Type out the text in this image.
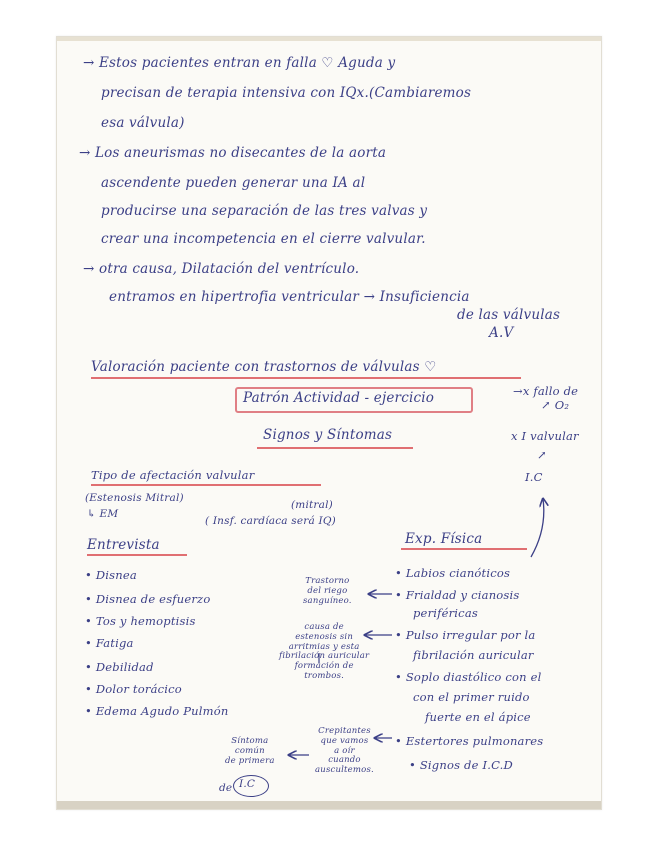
→ Estos pacientes entran en falla ♡ Aguda y
precisan de terapia intensiva con IQx.(Cambiaremos
esa válvula)
→ Los aneurismas no disecantes de la aorta
ascendente pueden generar una IA al
producirse una separación de las tres valvas y
crear una incompetencia en el cierre valvular.
→ otra causa, Dilatación del ventrículo.
entramos en hipertrofia ventricular → Insuficiencia
de las válvulas
A.V
Valoración paciente con trastornos de válvulas ♡
Patrón Actividad - ejercicio
Signos y Síntomas
→x fallo de
↗ O₂
x I valvular
↗
I.C
Tipo de afectación valvular
(Estenosis Mitral)
↳ EM
(mitral)
( Insf. cardíaca será IQ)
Entrevista	Exp. Física
• Disnea
• Disnea de esfuerzo
• Tos y hemoptisis
• Fatiga
• Debilidad
• Dolor torácico
• Edema Agudo Pulmón
• Labios cianóticos
• Frialdad y cianosis
periféricas
• Pulso irregular por la
fibrilación auricular
• Soplo diastólico con el
con el primer ruido
fuerte en el ápice
• Estertores pulmonares
• Signos de I.C.D
Trastorno
del riego
sanguíneo.
causa de
estenosis sin
arritmias y esta
fibrilación auricular
formación de
trombos.
Crepitantes
que vamos
a oír
cuando
auscultemos.
Síntoma
común
de primera
de I.C
